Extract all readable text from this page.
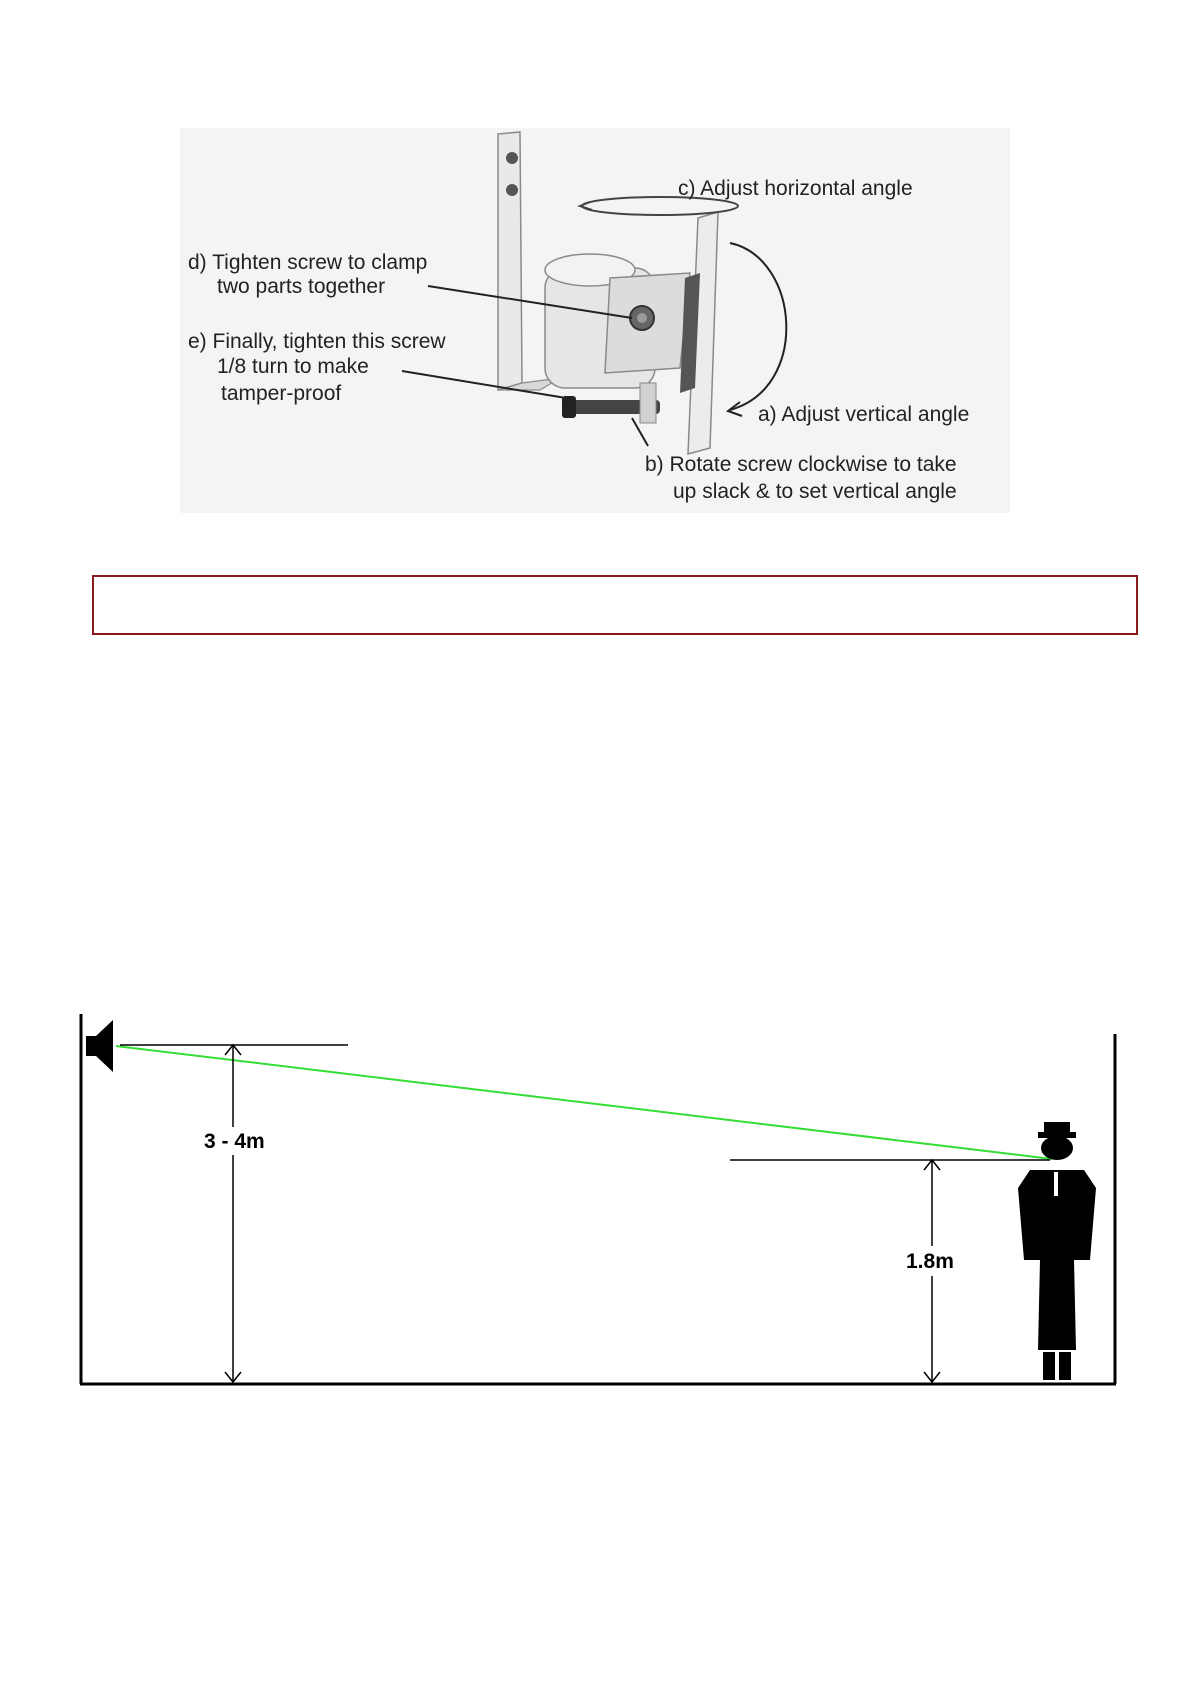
c) Adjust horizontal angle
d) Tighten screw to clamp
two parts together
e) Finally, tighten this screw
1/8 turn to make
tamper-proof
a) Adjust vertical angle
b) Rotate screw clockwise to take
up slack & to set vertical angle
3 - 4m
1.8m
